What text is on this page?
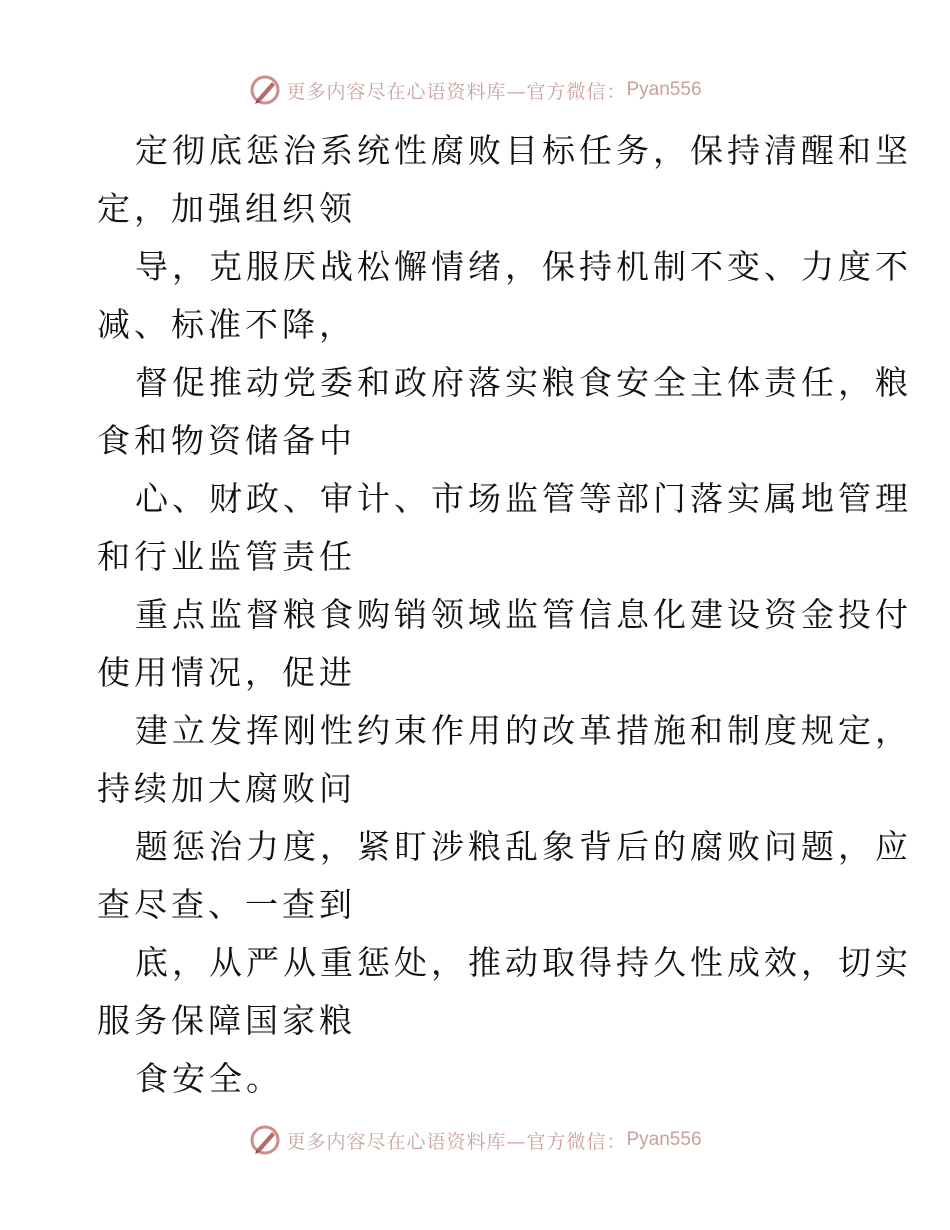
更多内容尽在心语资料库—官方微信： Pyan556

定彻底惩治系统性腐败目标任务，保持清醒和坚
定，加强组织领

导，克服厌战松懈情绪，保持机制不变、力度不
减、标准不降，

督促推动党委和政府落实粮食安全主体责任，粮
食和物资储备中

心、财政、审计、市场监管等部门落实属地管理
和行业监管责任

重点监督粮食购销领域监管信息化建设资金投付
使用情况，促进

建立发挥刚性约束作用的改革措施和制度规定，
持续加大腐败问

题惩治力度，紧盯涉粮乱象背后的腐败问题，应
查尽查、一查到

底，从严从重惩处，推动取得持久性成效，切实
服务保障国家粮

食安全。

更多内容尽在心语资料库—官方微信： Pyan556
